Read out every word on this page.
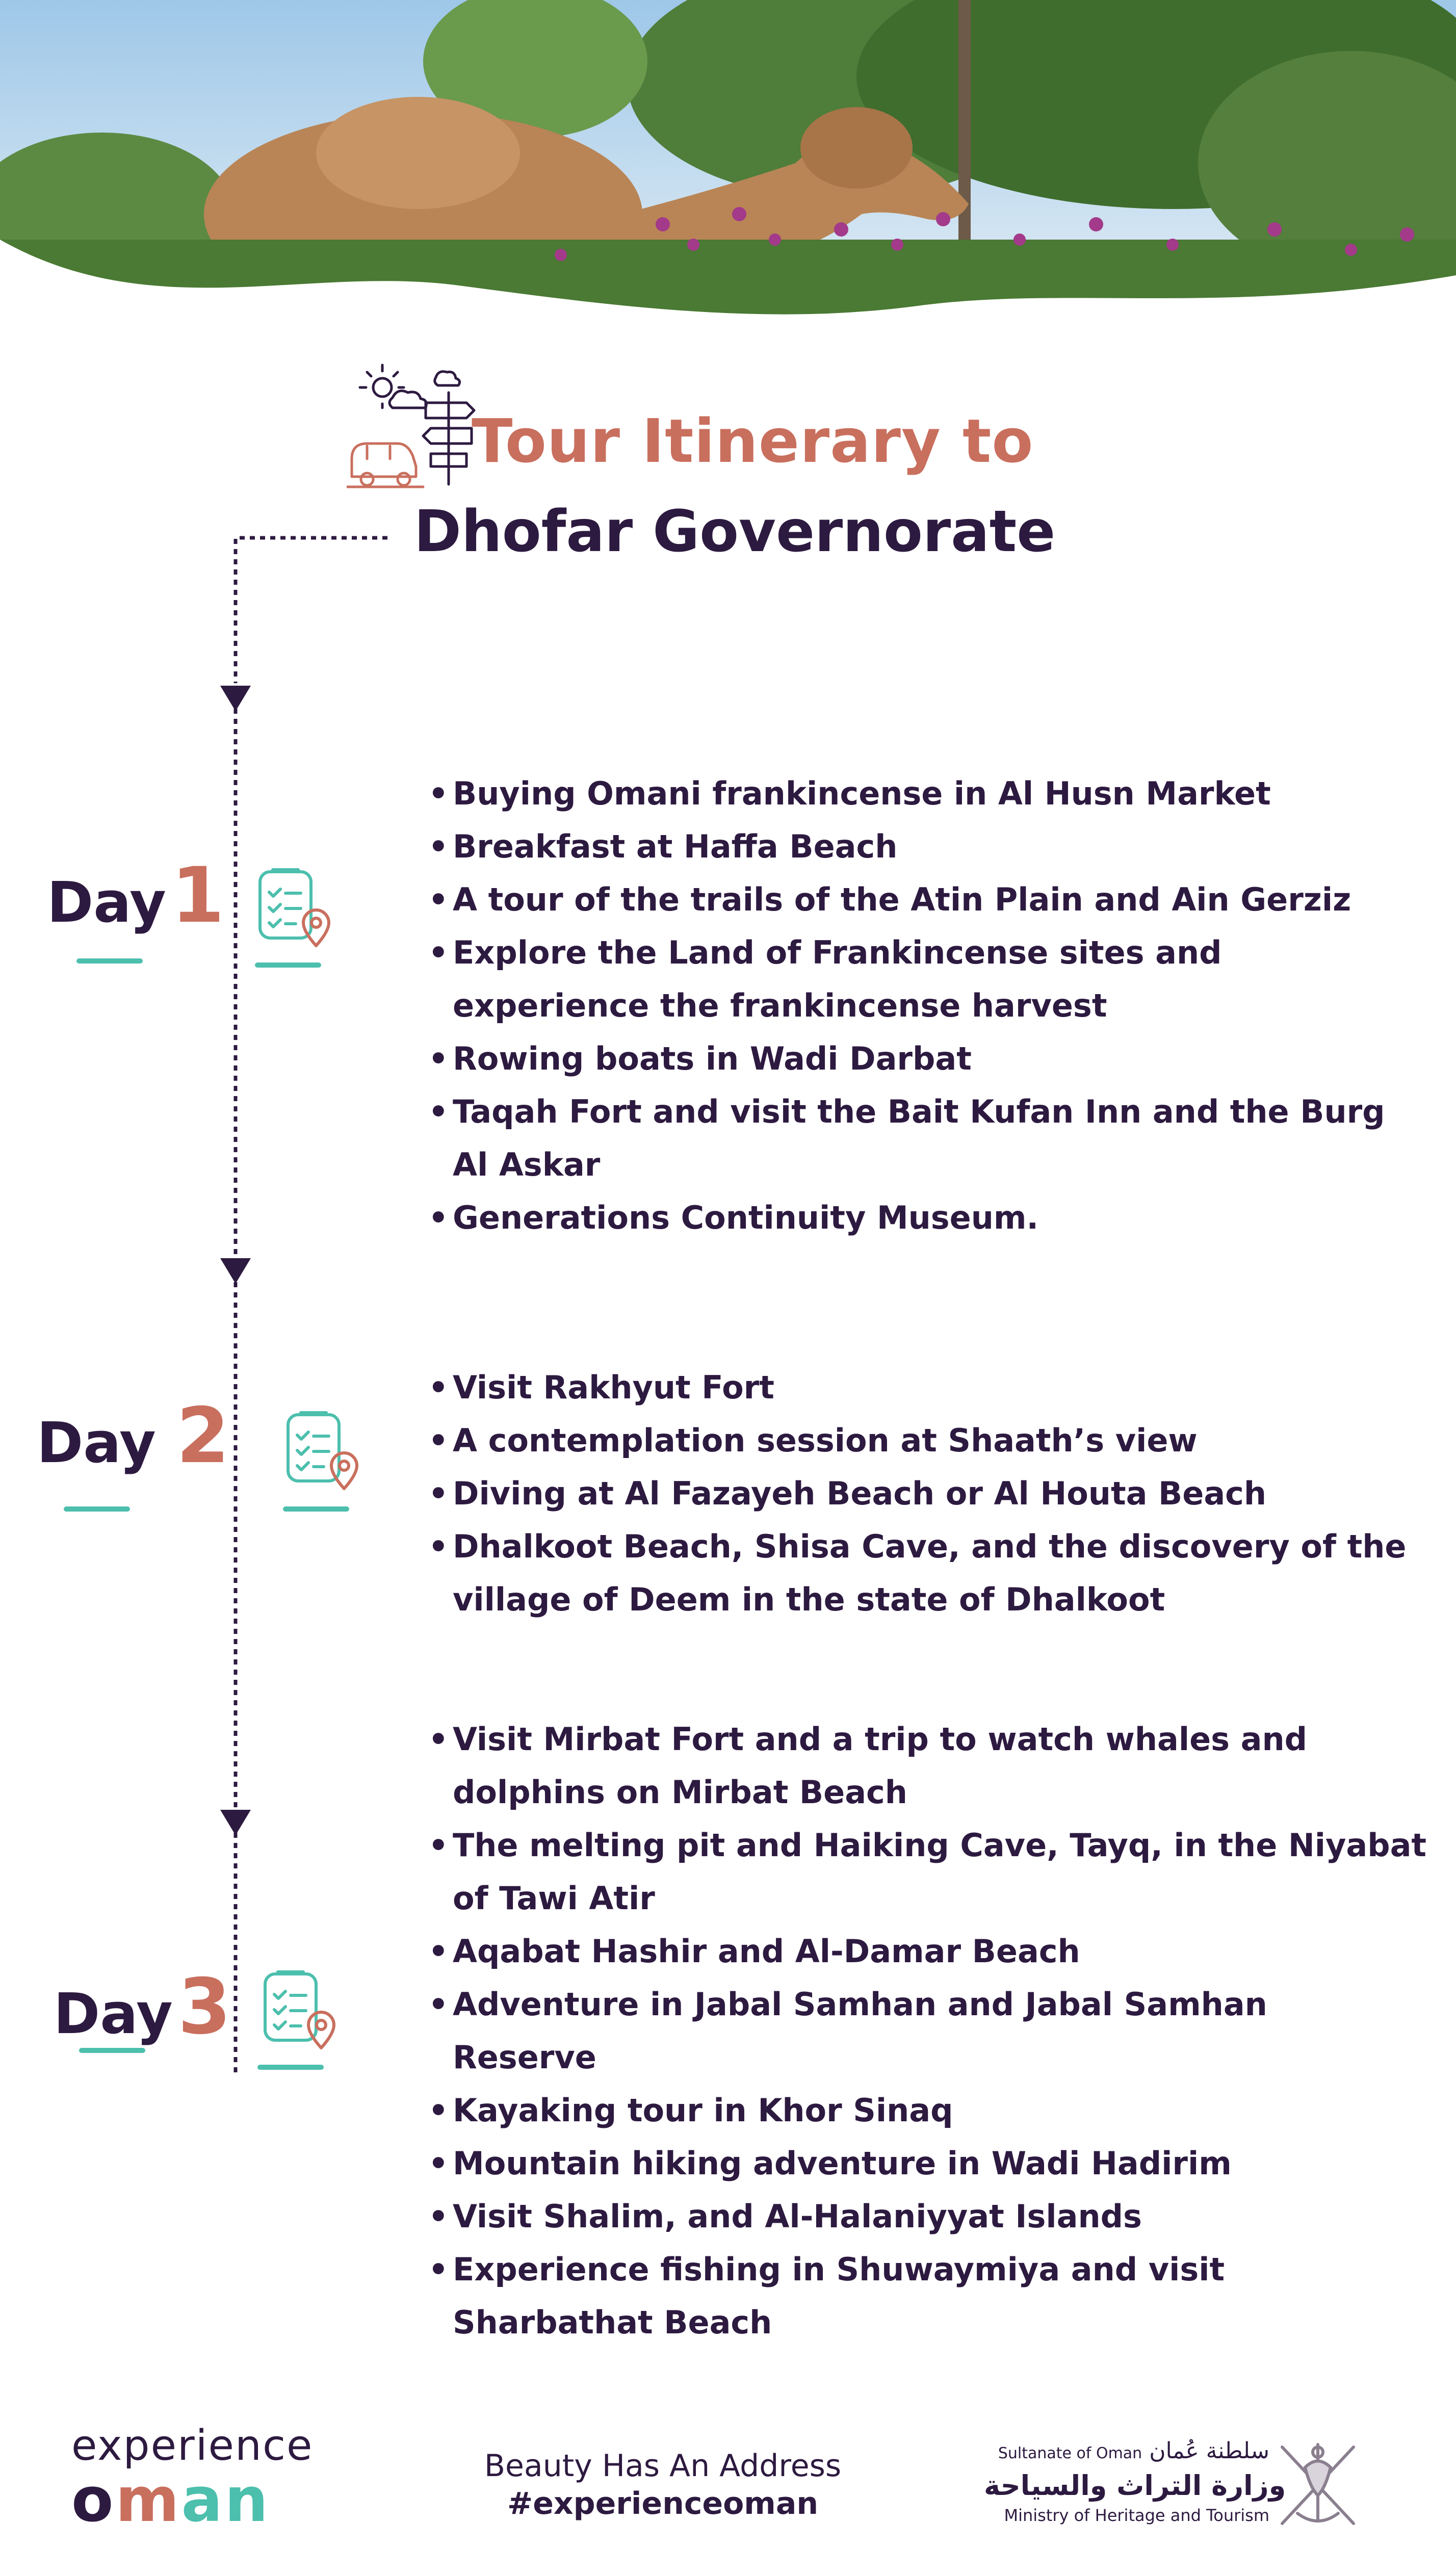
Tour Itinerary to
Dhofar Governorate
Day1
• Buying Omani frankincense in Al Husn Market
• Breakfast at Haffa Beach
• A tour of the trails of the Atin Plain and Ain Gerziz
• Explore the Land of Frankincense sites and
experience the frankincense harvest
• Rowing boats in Wadi Darbat
• Taqah Fort and visit the Bait Kufan Inn and the Burg
Al Askar
• Generations Continuity Museum.
Day 2
• Visit Rakhyut Fort
• A contemplation session at Shaath’s view
• Diving at Al Fazayeh Beach or Al Houta Beach
• Dhalkoot Beach, Shisa Cave, and the discovery of the
village of Deem in the state of Dhalkoot
Day3
• Visit Mirbat Fort and a trip to watch whales and
dolphins on Mirbat Beach
• The melting pit and Haiking Cave, Tayq, in the Niyabat
of Tawi Atir
• Aqabat Hashir and Al-Damar Beach
• Adventure in Jabal Samhan and Jabal Samhan
Reserve
• Kayaking tour in Khor Sinaq
• Mountain hiking adventure in Wadi Hadirim
• Visit Shalim, and Al-Halaniyyat Islands
• Experience fishing in Shuwaymiya and visit
Sharbathat Beach
experience
oman	Beauty Has An Address
#experienceoman
Sultanate of Oman سلطنة عُمان
وزارة التراث والسياحة
Ministry of Heritage and Tourism
